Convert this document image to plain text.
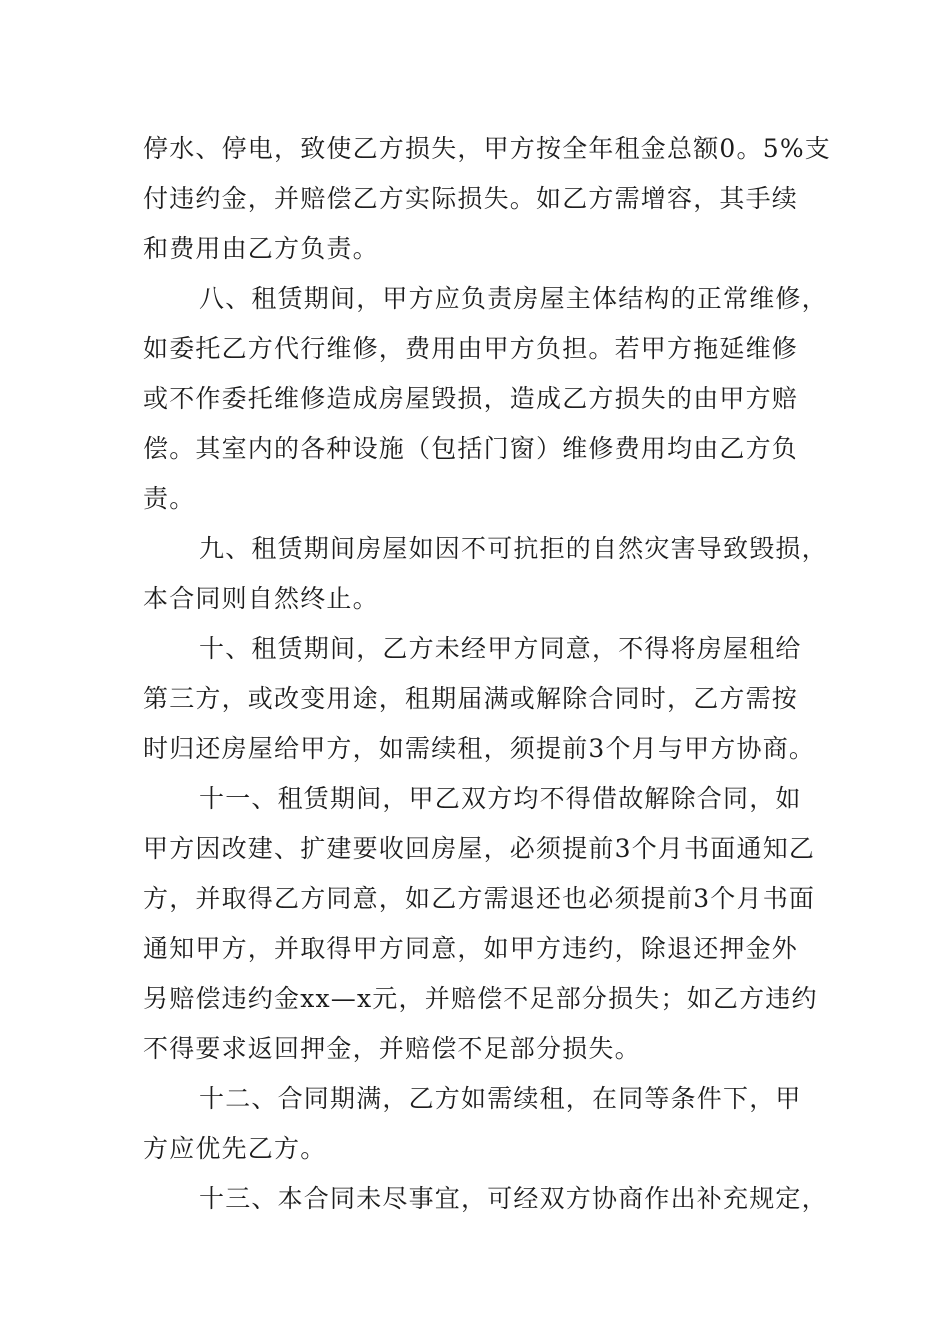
停水、停电，致使乙方损失，甲方按全年租金总额0。5%支
付违约金，并赔偿乙方实际损失。如乙方需增容，其手续
和费用由乙方负责。
八、租赁期间，甲方应负责房屋主体结构的正常维修，
如委托乙方代行维修，费用由甲方负担。若甲方拖延维修
或不作委托维修造成房屋毁损，造成乙方损失的由甲方赔
偿。其室内的各种设施（包括门窗）维修费用均由乙方负
责。
九、租赁期间房屋如因不可抗拒的自然灾害导致毁损，
本合同则自然终止。
十、租赁期间，乙方未经甲方同意，不得将房屋租给
第三方，或改变用途，租期届满或解除合同时，乙方需按
时归还房屋给甲方，如需续租，须提前3个月与甲方协商。
十一、租赁期间，甲乙双方均不得借故解除合同，如
甲方因改建、扩建要收回房屋，必须提前3个月书面通知乙
方，并取得乙方同意，如乙方需退还也必须提前3个月书面
通知甲方，并取得甲方同意，如甲方违约，除退还押金外
另赔偿违约金xx—x元，并赔偿不足部分损失；如乙方违约
不得要求返回押金，并赔偿不足部分损失。
十二、合同期满，乙方如需续租，在同等条件下，甲
方应优先乙方。
十三、本合同未尽事宜，可经双方协商作出补充规定，
